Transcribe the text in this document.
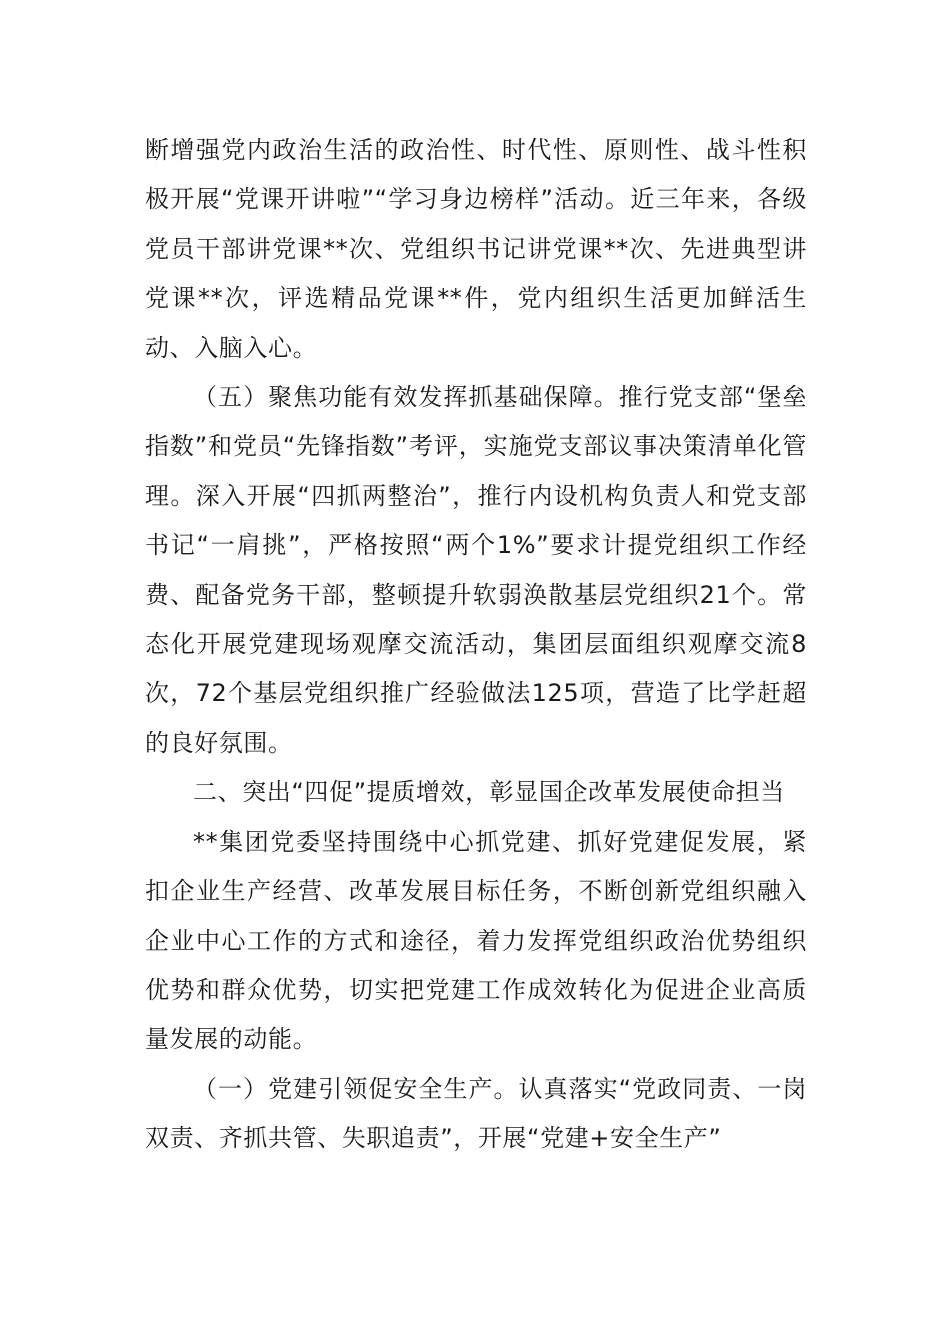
断增强党内政治生活的政治性、时代性、原则性、战斗性积极开展“党课开讲啦”“学习身边榜样”活动。近三年来，各级党员干部讲党课**次、党组织书记讲党课**次、先进典型讲党课**次，评选精品党课**件，党内组织生活更加鲜活生动、入脑入心。

（五）聚焦功能有效发挥抓基础保障。推行党支部“堡垒指数”和党员“先锋指数”考评，实施党支部议事决策清单化管理。深入开展“四抓两整治”，推行内设机构负责人和党支部书记“一肩挑”，严格按照“两个1%”要求计提党组织工作经费、配备党务干部，整顿提升软弱涣散基层党组织21个。常态化开展党建现场观摩交流活动，集团层面组织观摩交流8次，72个基层党组织推广经验做法125项，营造了比学赶超的良好氛围。

二、突出“四促”提质增效，彰显国企改革发展使命担当

**集团党委坚持围绕中心抓党建、抓好党建促发展，紧扣企业生产经营、改革发展目标任务，不断创新党组织融入企业中心工作的方式和途径，着力发挥党组织政治优势组织优势和群众优势，切实把党建工作成效转化为促进企业高质量发展的动能。

（一）党建引领促安全生产。认真落实“党政同责、一岗双责、齐抓共管、失职追责”，开展“党建+安全生产”
